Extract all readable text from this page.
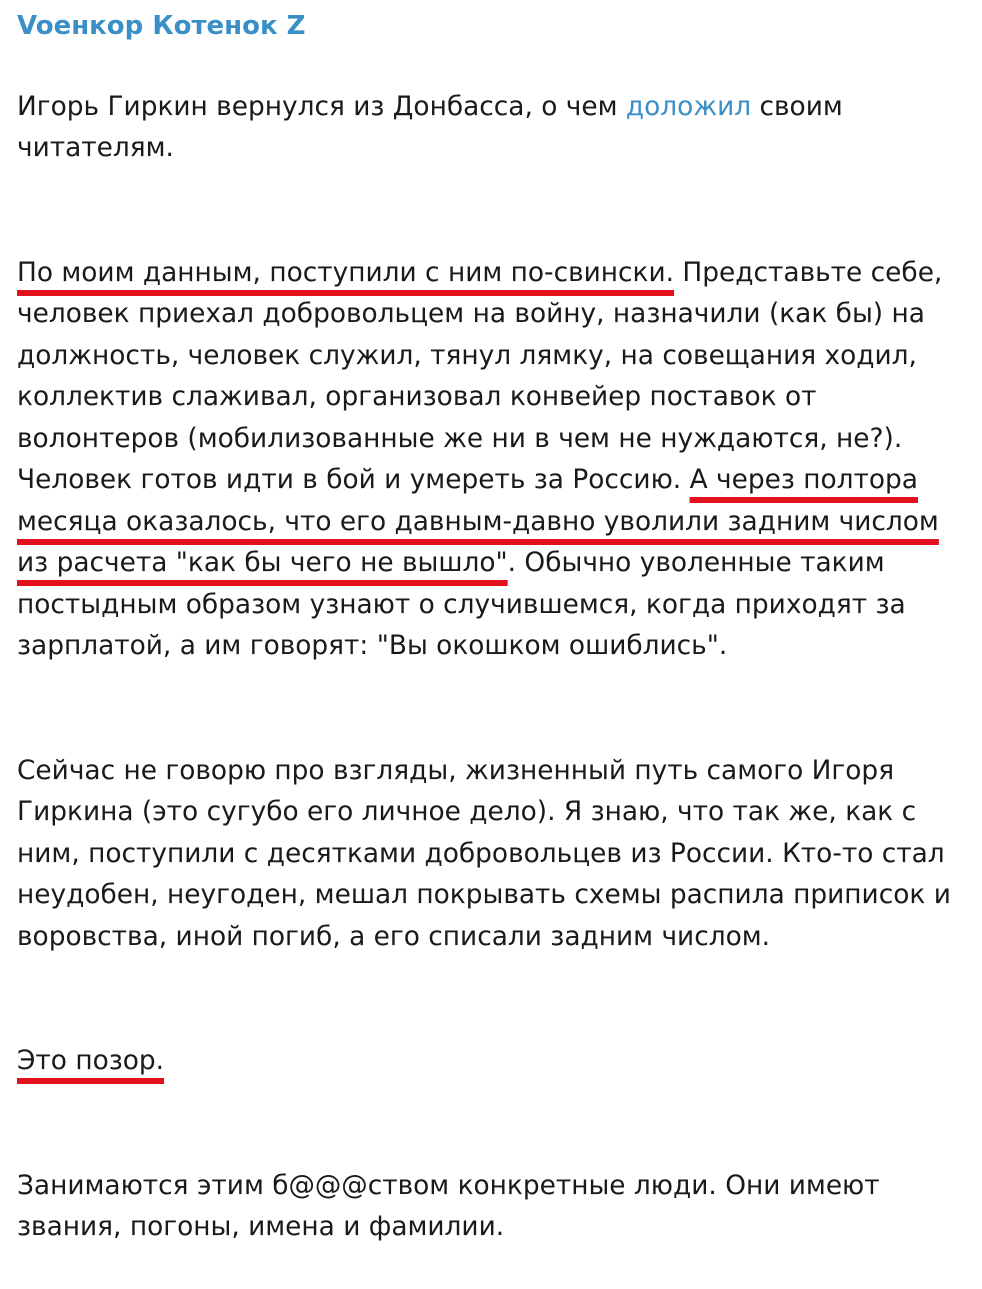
Voенкор Котенок Z

Игорь Гиркин вернулся из Донбасса, о чем доложил своим читателям.

По моим данным, поступили с ним по-свински. Представьте себе, человек приехал добровольцем на войну, назначили (как бы) на должность, человек служил, тянул лямку, на совещания ходил, коллектив слаживал, организовал конвейер поставок от волонтеров (мобилизованные же ни в чем не нуждаются, не?). Человек готов идти в бой и умереть за Россию. А через полтора месяца оказалось, что его давным-давно уволили задним числом из расчета "как бы чего не вышло". Обычно уволенные таким постыдным образом узнают о случившемся, когда приходят за зарплатой, а им говорят: "Вы окошком ошиблись".

Сейчас не говорю про взгляды, жизненный путь самого Игоря Гиркина (это сугубо его личное дело). Я знаю, что так же, как с ним, поступили с десятками добровольцев из России. Кто-то стал неудобен, неугоден, мешал покрывать схемы распила приписок и воровства, иной погиб, а его списали задним числом.

Это позор.

Занимаются этим б@@@ством конкретные люди. Они имеют звания, погоны, имена и фамилии.
